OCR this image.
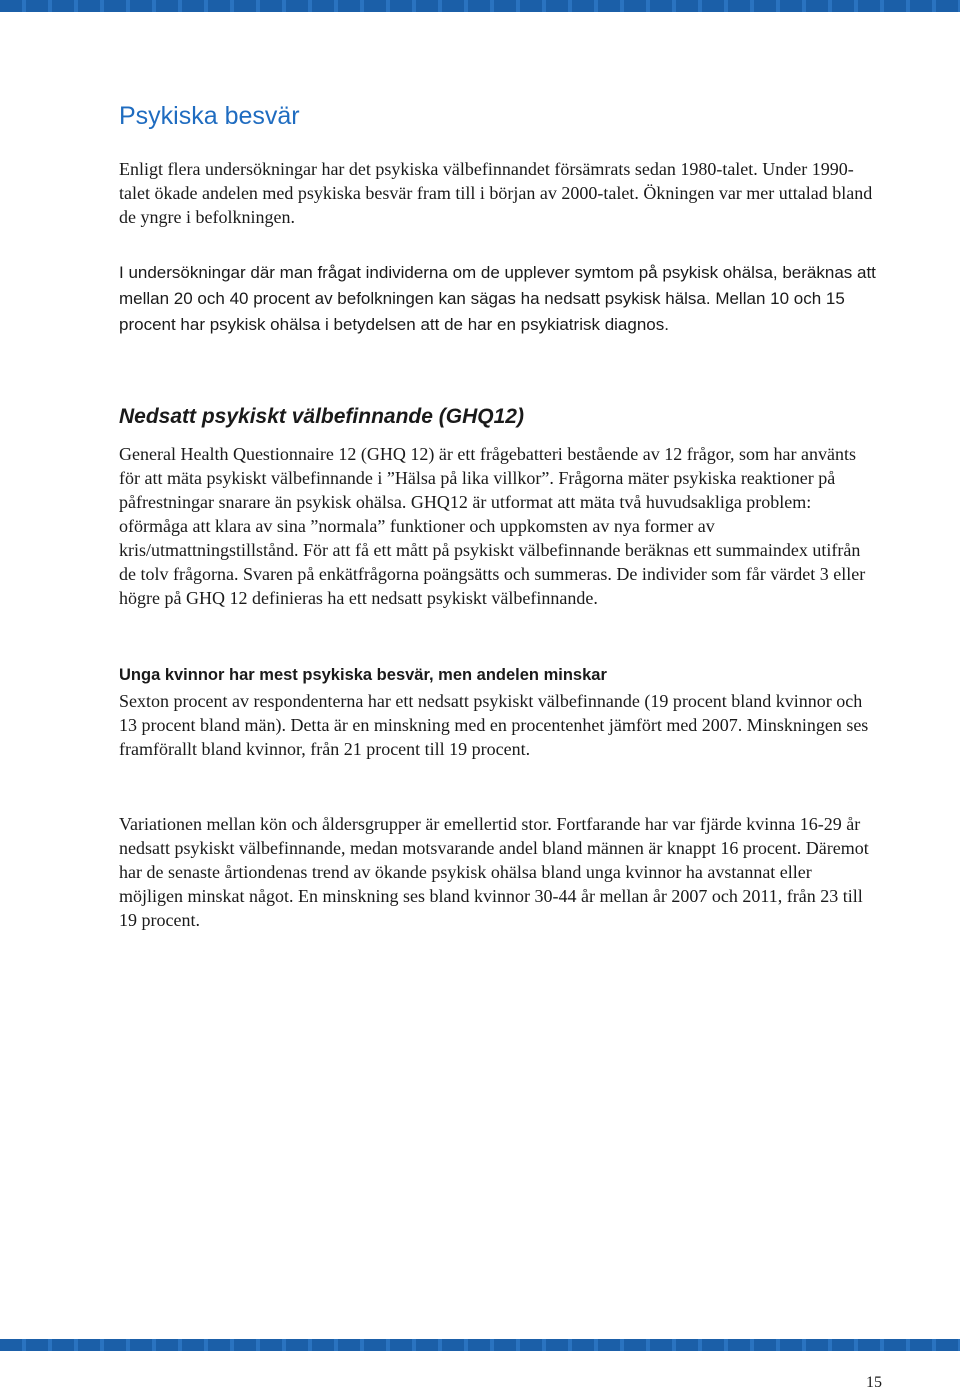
Psykiska besvär

Enligt flera undersökningar har det psykiska välbefinnandet försämrats sedan 1980-talet. Under 1990-talet ökade andelen med psykiska besvär fram till i början av 2000-talet. Ökningen var mer uttalad bland de yngre i befolkningen.

I undersökningar där man frågat individerna om de upplever symtom på psykisk ohälsa, beräknas att mellan 20 och 40 procent av befolkningen kan sägas ha nedsatt psykisk hälsa. Mellan 10 och 15 procent har psykisk ohälsa i betydelsen att de har en psykiatrisk diagnos.

Nedsatt psykiskt välbefinnande (GHQ12)

General Health Questionnaire 12 (GHQ 12) är ett frågebatteri bestående av 12 frågor, som har använts för att mäta psykiskt välbefinnande i ”Hälsa på lika villkor”. Frågorna mäter psykiska reaktioner på påfrestningar snarare än psykisk ohälsa. GHQ12 är utformat att mäta två huvudsakliga problem: oförmåga att klara av sina ”normala” funktioner och uppkomsten av nya former av kris/utmattningstillstånd. För att få ett mått på psykiskt välbefinnande beräknas ett summaindex utifrån de tolv frågorna. Svaren på enkätfrågorna poängsätts och summeras. De individer som får värdet 3 eller högre på GHQ 12 definieras ha ett nedsatt psykiskt välbefinnande.

Unga kvinnor har mest psykiska besvär, men andelen minskar

Sexton procent av respondenterna har ett nedsatt psykiskt välbefinnande (19 procent bland kvinnor och 13 procent bland män). Detta är en minskning med en procentenhet jämfört med 2007. Minskningen ses framförallt bland kvinnor, från 21 procent till 19 procent.

Variationen mellan kön och åldersgrupper är emellertid stor. Fortfarande har var fjärde kvinna 16-29 år nedsatt psykiskt välbefinnande, medan motsvarande andel bland männen är knappt 16 procent. Däremot har de senaste årtiondenas trend av ökande psykisk ohälsa bland unga kvinnor ha avstannat eller möjligen minskat något. En minskning ses bland kvinnor 30-44 år mellan år 2007 och 2011, från 23 till 19 procent.

15
